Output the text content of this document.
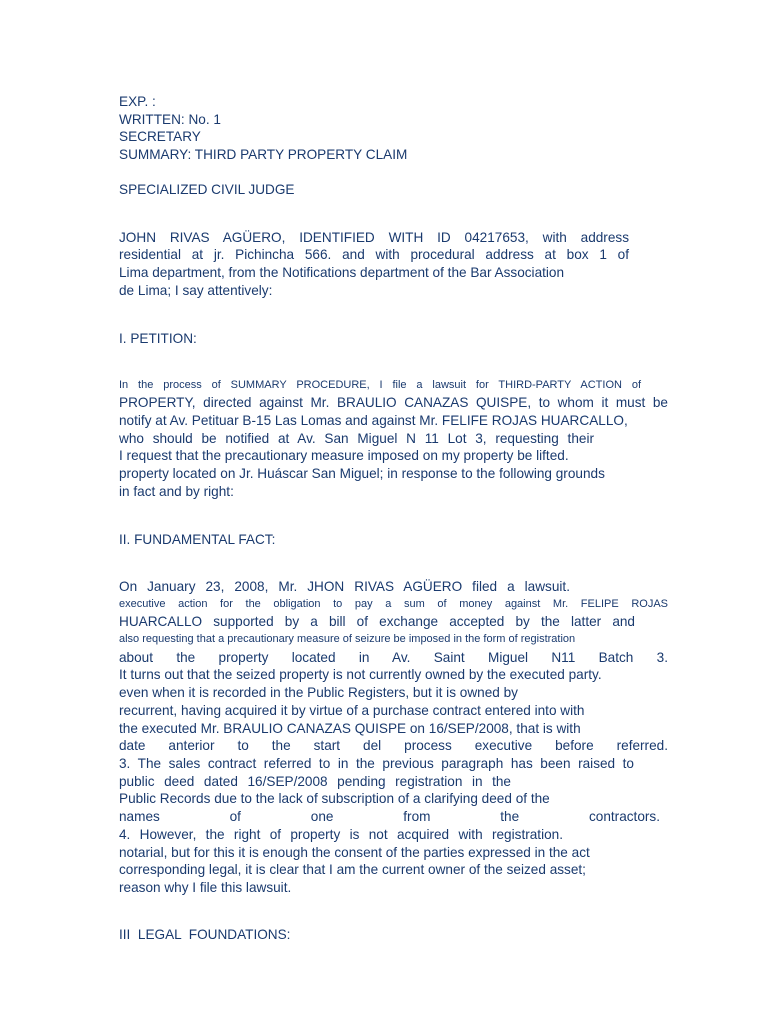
EXP. :

WRITTEN: No. 1

SECRETARY

SUMMARY: THIRD PARTY PROPERTY CLAIM

SPECIALIZED CIVIL JUDGE

JOHN RIVAS AGÜERO, IDENTIFIED WITH ID 04217653, with address

residential at jr. Pichincha 566. and with procedural address at box 1 of

Lima department, from the Notifications department of the Bar Association

de Lima; I say attentively:

I. PETITION:

In the process of SUMMARY PROCEDURE, I file a lawsuit for THIRD-PARTY ACTION of

PROPERTY, directed against Mr. BRAULIO CANAZAS QUISPE, to whom it must be

notify at Av. Petituar B-15 Las Lomas and against Mr. FELIFE ROJAS HUARCALLO,

who should be notified at Av. San Miguel N 11 Lot 3, requesting their

I request that the precautionary measure imposed on my property be lifted.

property located on Jr. Huáscar San Miguel; in response to the following grounds

in fact and by right:

II. FUNDAMENTAL FACT:

On January 23, 2008, Mr. JHON RIVAS AGÜERO filed a lawsuit.

executive action for the obligation to pay a sum of money against Mr. FELIPE ROJAS

HUARCALLO supported by a bill of exchange accepted by the latter and

also requesting that a precautionary measure of seizure be imposed in the form of registration

about the property located in Av. Saint Miguel N11 Batch 3.

It turns out that the seized property is not currently owned by the executed party.

even when it is recorded in the Public Registers, but it is owned by

recurrent, having acquired it by virtue of a purchase contract entered into with

the executed Mr. BRAULIO CANAZAS QUISPE on 16/SEP/2008, that is with

date anterior to the start del process executive before referred.

3. The sales contract referred to in the previous paragraph has been raised to

public deed dated 16/SEP/2008 pending registration in the

Public Records due to the lack of subscription of a clarifying deed of the

names of one from the contractors.

4. However, the right of property is not acquired with registration.

notarial, but for this it is enough the consent of the parties expressed in the act

corresponding legal, it is clear that I am the current owner of the seized asset;

reason why I file this lawsuit.

III  LEGAL  FOUNDATIONS:
